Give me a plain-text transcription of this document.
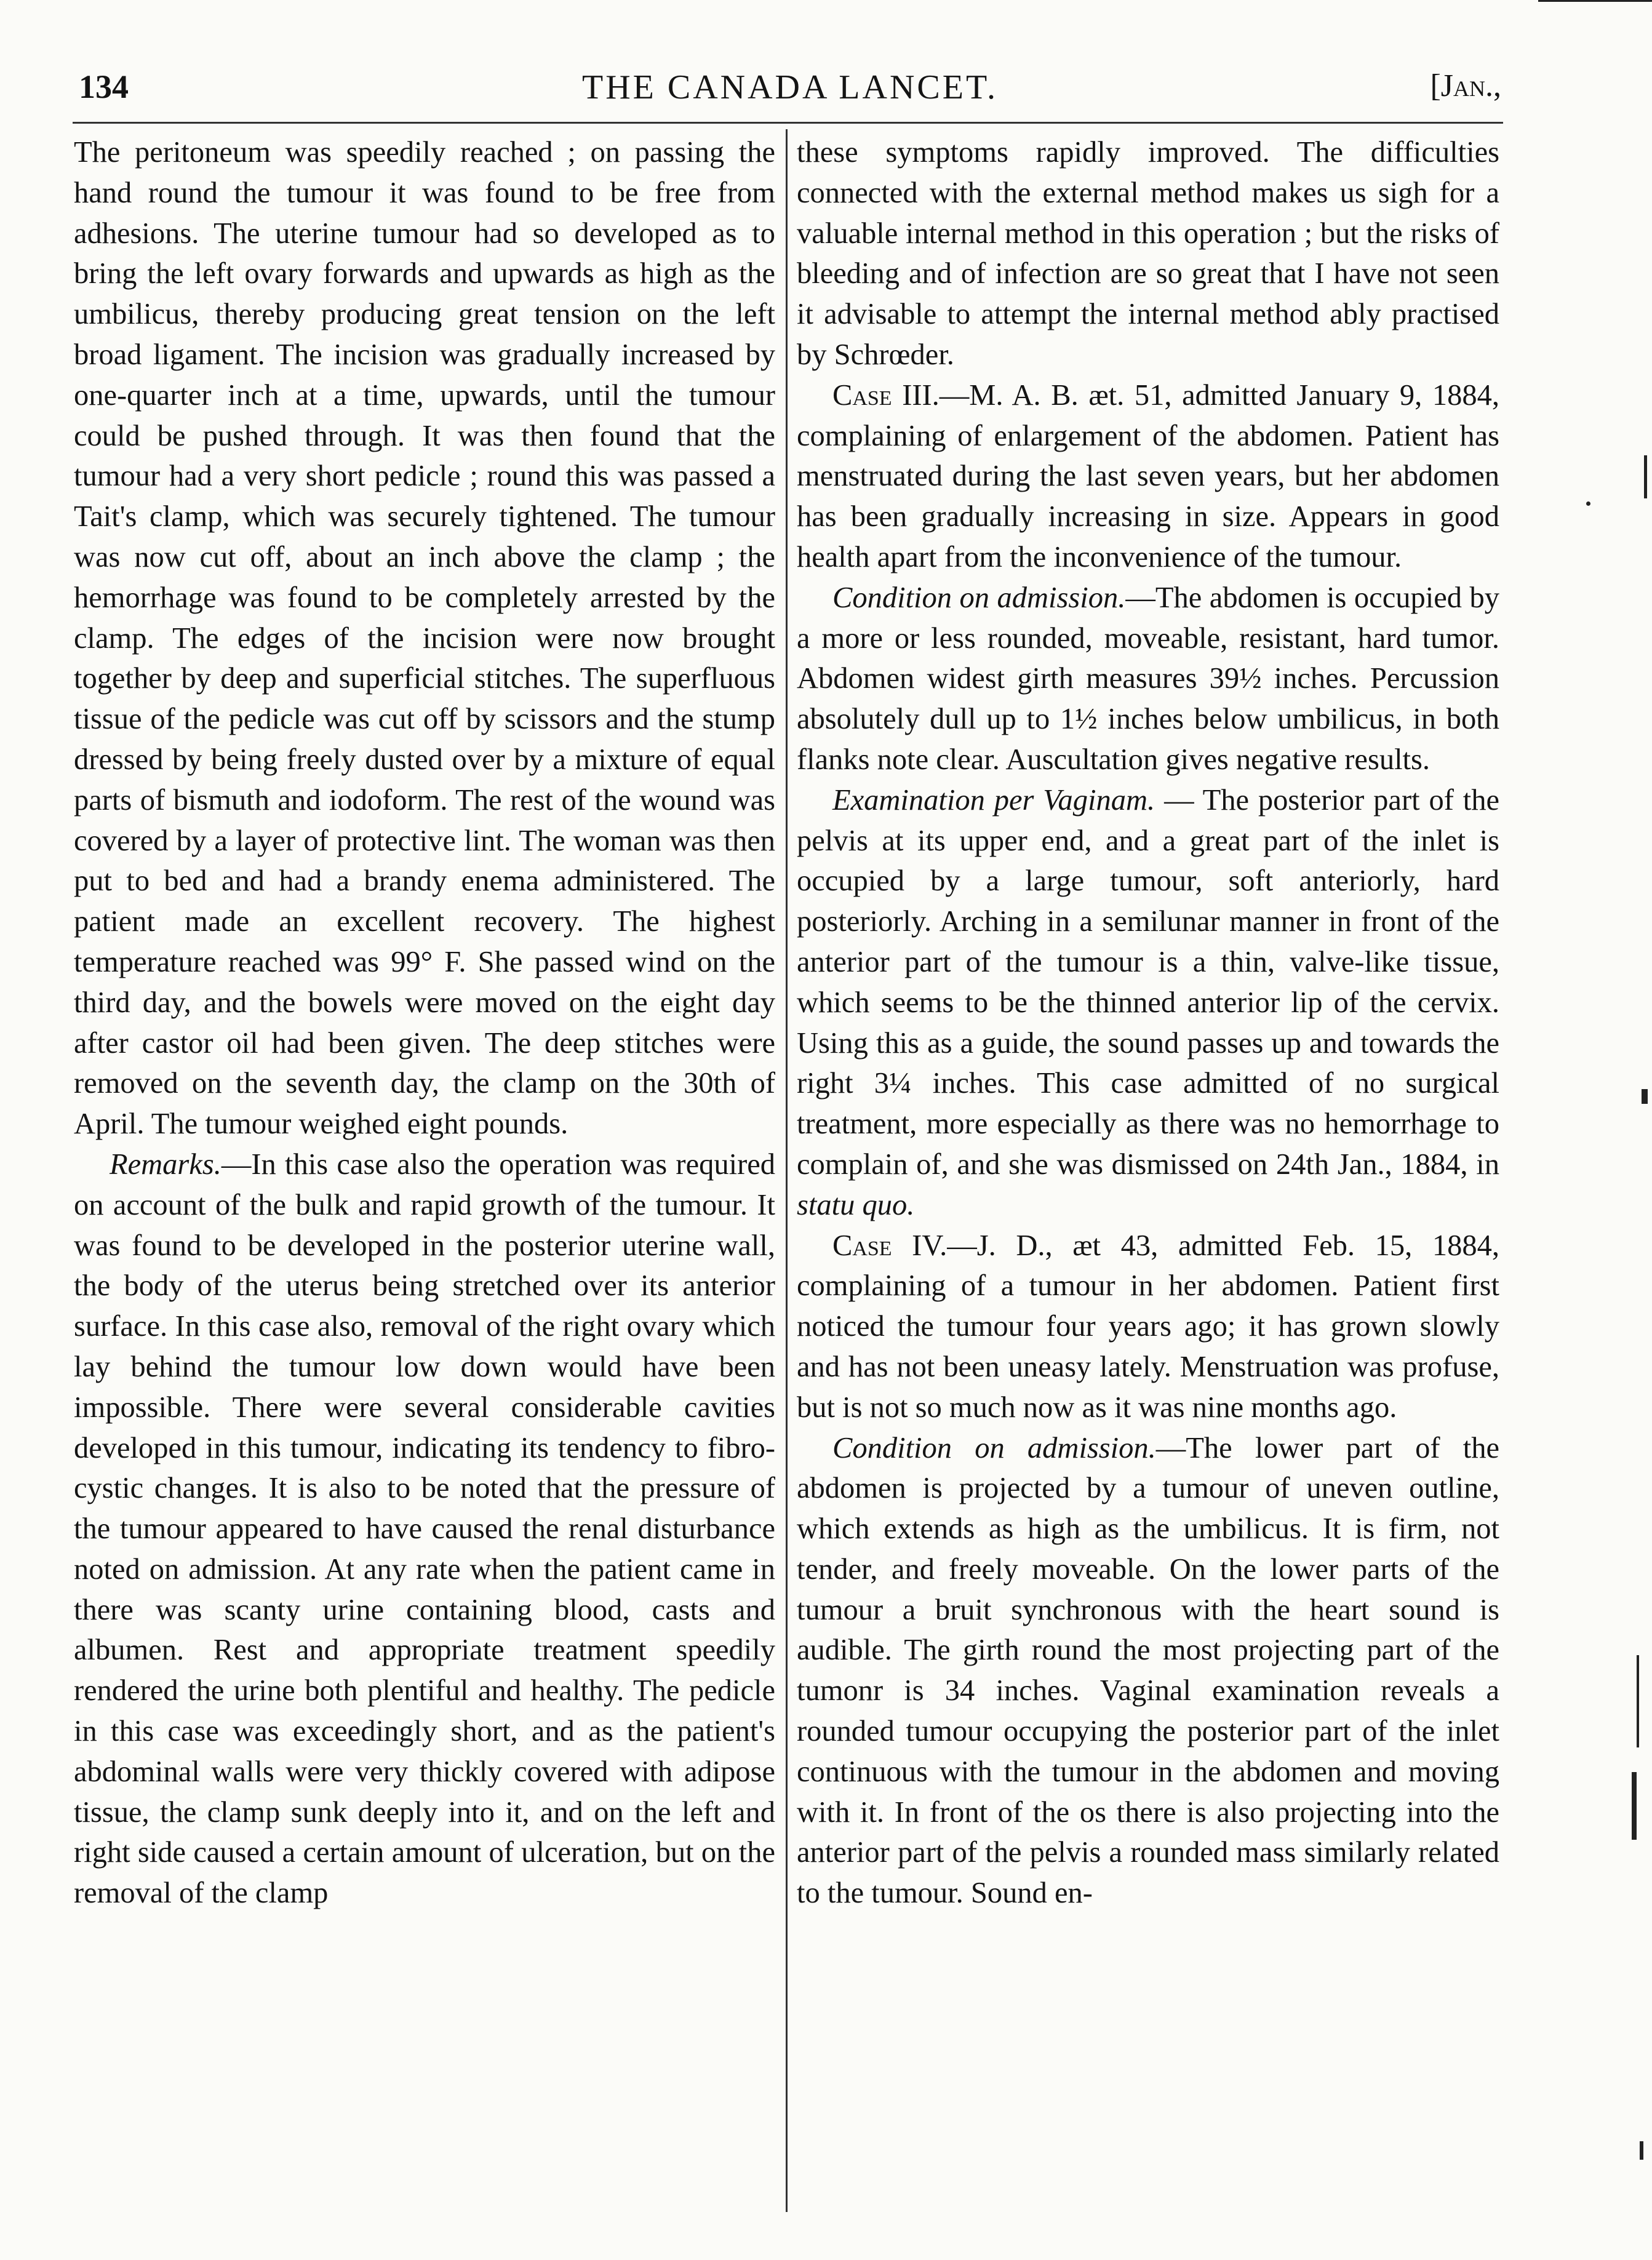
134	THE CANADA LANCET.	[Jan.,

The peritoneum was speedily reached ; on passing the hand round the tumour it was found to be free from adhesions. The uterine tumour had so developed as to bring the left ovary forwards and upwards as high as the umbilicus, thereby producing great tension on the left broad ligament. The incision was gradually increased by one-quarter inch at a time, upwards, until the tumour could be pushed through. It was then found that the tumour had a very short pedicle ; round this was passed a Tait's clamp, which was securely tightened. The tumour was now cut off, about an inch above the clamp ; the hemorrhage was found to be completely arrested by the clamp. The edges of the incision were now brought together by deep and superficial stitches. The superfluous tissue of the pedicle was cut off by scissors and the stump dressed by being freely dusted over by a mixture of equal parts of bismuth and iodoform. The rest of the wound was covered by a layer of protective lint. The woman was then put to bed and had a brandy enema administered. The patient made an excellent recovery. The highest temperature reached was 99° F. She passed wind on the third day, and the bowels were moved on the eight day after castor oil had been given. The deep stitches were removed on the seventh day, the clamp on the 30th of April. The tumour weighed eight pounds.

Remarks.—In this case also the operation was required on account of the bulk and rapid growth of the tumour. It was found to be developed in the posterior uterine wall, the body of the uterus being stretched over its anterior surface. In this case also, removal of the right ovary which lay behind the tumour low down would have been impossible. There were several considerable cavities developed in this tumour, indicating its tendency to fibro-cystic changes. It is also to be noted that the pressure of the tumour appeared to have caused the renal disturbance noted on admission. At any rate when the patient came in there was scanty urine containing blood, casts and albumen. Rest and appropriate treatment speedily rendered the urine both plentiful and healthy. The pedicle in this case was exceedingly short, and as the patient's abdominal walls were very thickly covered with adipose tissue, the clamp sunk deeply into it, and on the left and right side caused a certain amount of ulceration, but on the removal of the clamp

these symptoms rapidly improved. The difficulties connected with the external method makes us sigh for a valuable internal method in this operation ; but the risks of bleeding and of infection are so great that I have not seen it advisable to attempt the internal method ably practised by Schrœder.

Case III.—M. A. B. æt. 51, admitted January 9, 1884, complaining of enlargement of the abdomen. Patient has menstruated during the last seven years, but her abdomen has been gradually increasing in size. Appears in good health apart from the inconvenience of the tumour.

Condition on admission.—The abdomen is occupied by a more or less rounded, moveable, resistant, hard tumor. Abdomen widest girth measures 39½ inches. Percussion absolutely dull up to 1½ inches below umbilicus, in both flanks note clear. Auscultation gives negative results.

Examination per Vaginam. — The posterior part of the pelvis at its upper end, and a great part of the inlet is occupied by a large tumour, soft anteriorly, hard posteriorly. Arching in a semilunar manner in front of the anterior part of the tumour is a thin, valve-like tissue, which seems to be the thinned anterior lip of the cervix. Using this as a guide, the sound passes up and towards the right 3¼ inches. This case admitted of no surgical treatment, more especially as there was no hemorrhage to complain of, and she was dismissed on 24th Jan., 1884, in statu quo.

Case IV.—J. D., æt 43, admitted Feb. 15, 1884, complaining of a tumour in her abdomen. Patient first noticed the tumour four years ago; it has grown slowly and has not been uneasy lately. Menstruation was profuse, but is not so much now as it was nine months ago.

Condition on admission.—The lower part of the abdomen is projected by a tumour of uneven outline, which extends as high as the umbilicus. It is firm, not tender, and freely moveable. On the lower parts of the tumour a bruit synchronous with the heart sound is audible. The girth round the most projecting part of the tumonr is 34 inches. Vaginal examination reveals a rounded tumour occupying the posterior part of the inlet continuous with the tumour in the abdomen and moving with it. In front of the os there is also projecting into the anterior part of the pelvis a rounded mass similarly related to the tumour. Sound en-
